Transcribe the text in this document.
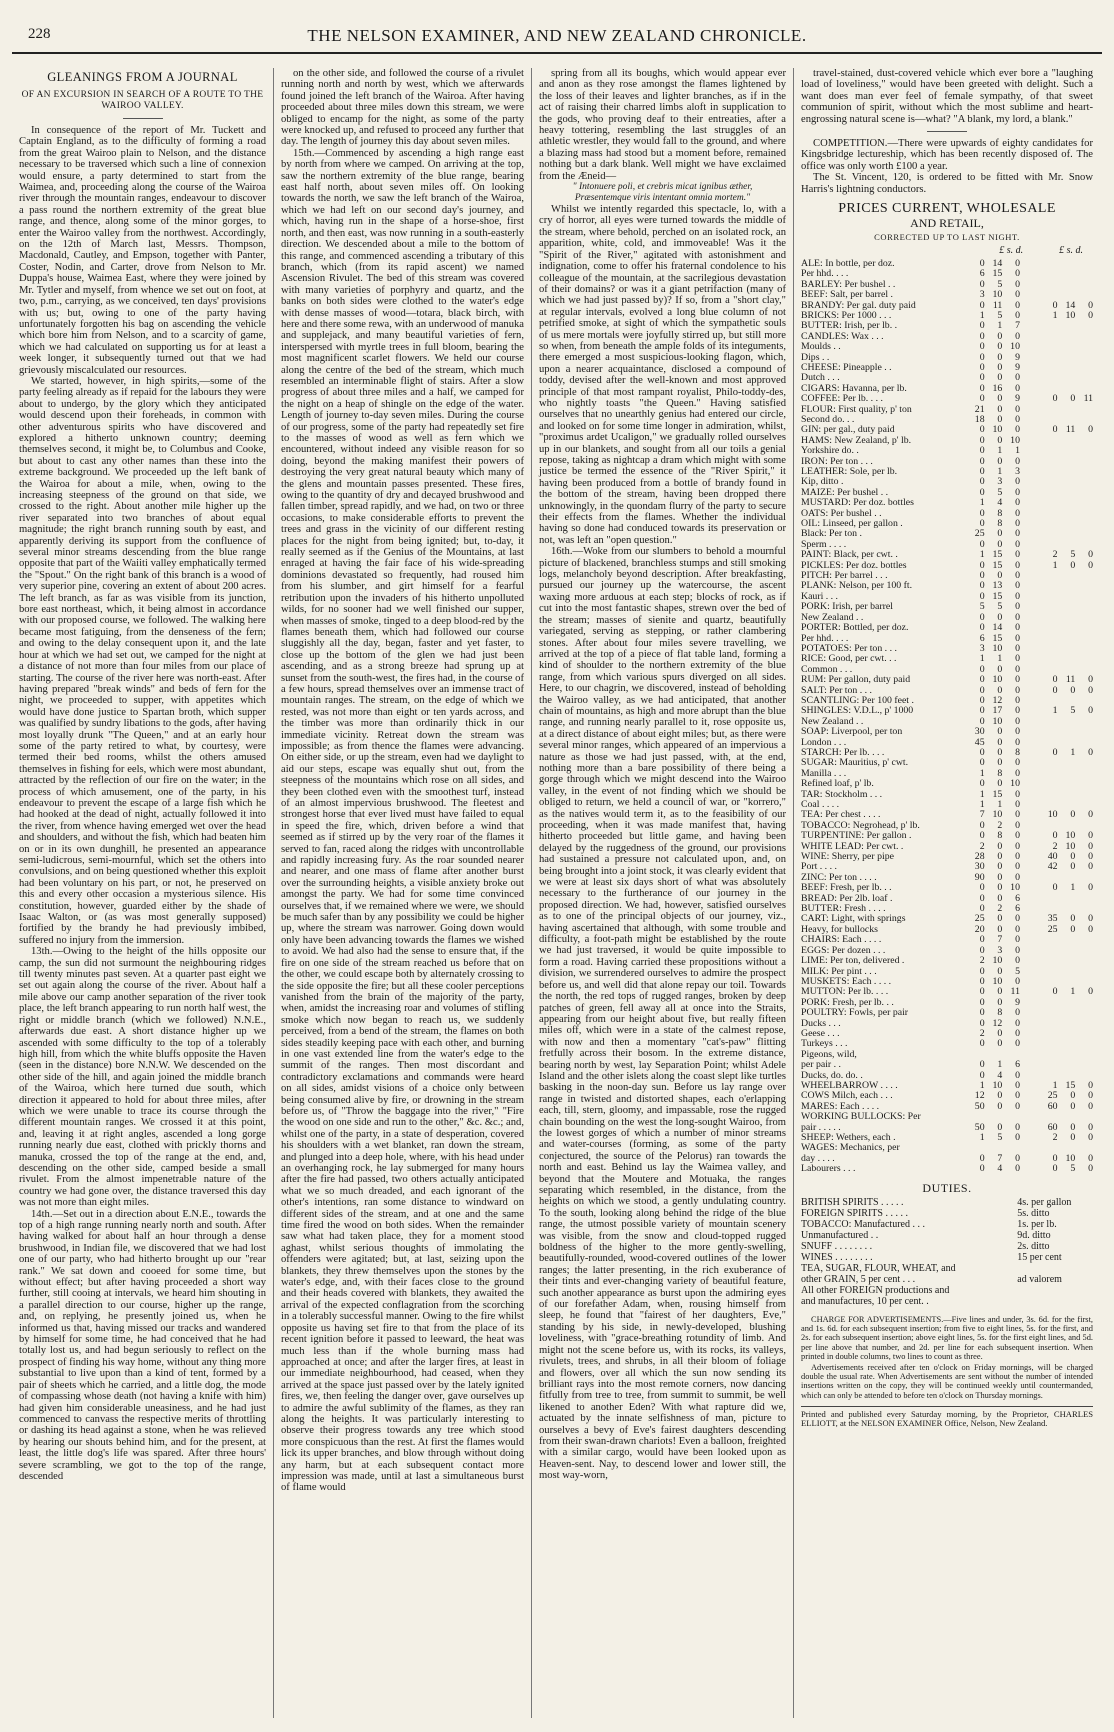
228	THE NELSON EXAMINER, AND NEW ZEALAND CHRONICLE.
GLEANINGS FROM A JOURNAL
OF AN EXCURSION IN SEARCH OF A ROUTE TO THE WAIROO VALLEY.

In consequence of the report of Mr. Tuckett and Captain England, as to the difficulty of forming a road from the great Wairoo plain to Nelson, and the distance necessary to be traversed which such a line of connexion would ensure, a party determined to start from the Waimea, and, proceeding along the course of the Wairoa river through the mountain ranges, endeavour to discover a pass round the northern extremity of the great blue range, and thence, along some of the minor gorges, to enter the Wairoo valley from the northwest. Accordingly, on the 12th of March last, Messrs. Thompson, Macdonald, Cautley, and Empson, together with Panter, Coster, Nodin, and Carter, drove from Nelson to Mr. Duppa's house, Waimea East, where they were joined by Mr. Tytler and myself, from whence we set out on foot, at two, p.m., carrying, as we conceived, ten days' provisions with us; but, owing to one of the party having unfortunately forgotten his bag on ascending the vehicle which bore him from Nelson, and to a scarcity of game, which we had calculated on supporting us for at least a week longer, it subsequently turned out that we had grievously miscalculated our resources.

We started, however, in high spirits,—some of the party feeling already as if repaid for the labours they were about to undergo, by the glory which they anticipated would descend upon their foreheads, in common with other adventurous spirits who have discovered and explored a hitherto unknown country; deeming themselves second, it might be, to Columbus and Cooke, but about to cast any other names than these into the extreme background. We proceeded up the left bank of the Wairoa for about a mile, when, owing to the increasing steepness of the ground on that side, we crossed to the right. About another mile higher up the river separated into two branches of about equal magnitude; the right branch running south by east, and apparently deriving its support from the confluence of several minor streams descending from the blue range opposite that part of the Waiiti valley emphatically termed the "Spout." On the right bank of this branch is a wood of very superior pine, covering an extent of about 200 acres. The left branch, as far as was visible from its junction, bore east northeast, which, it being almost in accordance with our proposed course, we followed. The walking here became most fatiguing, from the denseness of the fern; and owing to the delay consequent upon it, and the late hour at which we had set out, we camped for the night at a distance of not more than four miles from our place of starting. The course of the river here was north-east. After having prepared "break winds" and beds of fern for the night, we proceeded to supper, with appetites which would have done justice to Spartan broth, which supper was qualified by sundry libations to the gods, after having most loyally drunk "The Queen," and at an early hour some of the party retired to what, by courtesy, were termed their bed rooms, whilst the others amused themselves in fishing for eels, which were most abundant, attracted by the reflection of our fire on the water; in the process of which amusement, one of the party, in his endeavour to prevent the escape of a large fish which he had hooked at the dead of night, actually followed it into the river, from whence having emerged wet over the head and shoulders, and without the fish, which had beaten him on or in its own dunghill, he presented an appearance semi-ludicrous, semi-mournful, which set the others into convulsions, and on being questioned whether this exploit had been voluntary on his part, or not, he preserved on this and every other occasion a mysterious silence. His constitution, however, guarded either by the shade of Isaac Walton, or (as was most generally supposed) fortified by the brandy he had previously imbibed, suffered no injury from the immersion.

13th.—Owing to the height of the hills opposite our camp, the sun did not surmount the neighbouring ridges till twenty minutes past seven. At a quarter past eight we set out again along the course of the river. About half a mile above our camp another separation of the river took place, the left branch appearing to run north half west, the right or middle branch (which we followed) N.N.E., afterwards due east. A short distance higher up we ascended with some difficulty to the top of a tolerably high hill, from which the white bluffs opposite the Haven (seen in the distance) bore N.N.W. We descended on the other side of the hill, and again joined the middle branch of the Wairoa, which here turned due south, which direction it appeared to hold for about three miles, after which we were unable to trace its course through the different mountain ranges. We crossed it at this point, and, leaving it at right angles, ascended a long gorge running nearly due east, clothed with prickly thorns and manuka, crossed the top of the range at the end, and, descending on the other side, camped beside a small rivulet. From the almost impenetrable nature of the country we had gone over, the distance traversed this day was not more than eight miles.

14th.—Set out in a direction about E.N.E., towards the top of a high range running nearly north and south. After having walked for about half an hour through a dense brushwood, in Indian file, we discovered that we had lost one of our party, who had hitherto brought up our "rear rank." We sat down and cooeed for some time, but without effect; but after having proceeded a short way further, still cooing at intervals, we heard him shouting in a parallel direction to our course, higher up the range, and, on replying, he presently joined us, when he informed us that, having missed our tracks and wandered by himself for some time, he had conceived that he had totally lost us, and had begun seriously to reflect on the prospect of finding his way home, without any thing more substantial to live upon than a kind of tent, formed by a pair of sheets which he carried, and a little dog, the mode of compassing whose death (not having a knife with him) had given him considerable uneasiness, and he had just commenced to canvass the respective merits of throttling or dashing its head against a stone, when he was relieved by hearing our shouts behind him, and for the present, at least, the little dog's life was spared. After three hours' severe scrambling, we got to the top of the range, descended

on the other side, and followed the course of a rivulet running north and north by west, which we afterwards found joined the left branch of the Wairoa. After having proceeded about three miles down this stream, we were obliged to encamp for the night, as some of the party were knocked up, and refused to proceed any further that day. The length of journey this day about seven miles.

15th.—Commenced by ascending a high range east by north from where we camped. On arriving at the top, saw the northern extremity of the blue range, bearing east half north, about seven miles off. On looking towards the north, we saw the left branch of the Wairoa, which we had left on our second day's journey, and which, having run in the shape of a horse-shoe, first north, and then east, was now running in a south-easterly direction. We descended about a mile to the bottom of this range, and commenced ascending a tributary of this branch, which (from its rapid ascent) we named Ascension Rivulet. The bed of this stream was covered with many varieties of porphyry and quartz, and the banks on both sides were clothed to the water's edge with dense masses of wood—totara, black birch, with here and there some rewa, with an underwood of manuka and supplejack, and many beautiful varieties of fern, interspersed with myrtle trees in full bloom, bearing the most magnificent scarlet flowers. We held our course along the centre of the bed of the stream, which much resembled an interminable flight of stairs. After a slow progress of about three miles and a half, we camped for the night on a heap of shingle on the edge of the water. Length of journey to-day seven miles. During the course of our progress, some of the party had repeatedly set fire to the masses of wood as well as fern which we encountered, without indeed any visible reason for so doing, beyond the making manifest their powers of destroying the very great natural beauty which many of the glens and mountain passes presented. These fires, owing to the quantity of dry and decayed brushwood and fallen timber, spread rapidly, and we had, on two or three occasions, to make considerable efforts to prevent the trees and grass in the vicinity of our different resting places for the night from being ignited; but, to-day, it really seemed as if the Genius of the Mountains, at last enraged at having the fair face of his wide-spreading dominions devastated so frequently, had roused him from his slumber, and girt himself for a fearful retribution upon the invaders of his hitherto unpolluted wilds, for no sooner had we well finished our supper, when masses of smoke, tinged to a deep blood-red by the flames beneath them, which had followed our course sluggishly all the day, began, faster and yet faster, to close up the bottom of the glen we had just been ascending, and as a strong breeze had sprung up at sunset from the south-west, the fires had, in the course of a few hours, spread themselves over an immense tract of mountain ranges. The stream, on the edge of which we rested, was not more than eight or ten yards across, and the timber was more than ordinarily thick in our immediate vicinity. Retreat down the stream was impossible; as from thence the flames were advancing. On either side, or up the stream, even had we daylight to aid our steps, escape was equally shut out, from the steepness of the mountains which rose on all sides, and they been clothed even with the smoothest turf, instead of an almost impervious brushwood. The fleetest and strongest horse that ever lived must have failed to equal in speed the fire, which, driven before a wind that seemed as if stirred up by the very roar of the flames it served to fan, raced along the ridges with uncontrollable and rapidly increasing fury. As the roar sounded nearer and nearer, and one mass of flame after another burst over the surrounding heights, a visible anxiety broke out amongst the party. We had for some time convinced ourselves that, if we remained where we were, we should be much safer than by any possibility we could be higher up, where the stream was narrower. Going down would only have been advancing towards the flames we wished to avoid. We had also had the sense to ensure that, if the fire on one side of the stream reached us before that on the other, we could escape both by alternately crossing to the side opposite the fire; but all these cooler perceptions vanished from the brain of the majority of the party, when, amidst the increasing roar and volumes of stifling smoke which now began to reach us, we suddenly perceived, from a bend of the stream, the flames on both sides steadily keeping pace with each other, and burning in one vast extended line from the water's edge to the summit of the ranges. Then most discordant and contradictory exclamations and commands were heard on all sides, amidst visions of a choice only between being consumed alive by fire, or drowning in the stream before us, of "Throw the baggage into the river," "Fire the wood on one side and run to the other," &c. &c.; and, whilst one of the party, in a state of desperation, covered his shoulders with a wet blanket, ran down the stream, and plunged into a deep hole, where, with his head under an overhanging rock, he lay submerged for many hours after the fire had passed, two others actually anticipated what we so much dreaded, and each ignorant of the other's intentions, ran some distance to windward on different sides of the stream, and at one and the same time fired the wood on both sides. When the remainder saw what had taken place, they for a moment stood aghast, whilst serious thoughts of immolating the offenders were agitated; but, at last, seizing upon the blankets, they threw themselves upon the stones by the water's edge, and, with their faces close to the ground and their heads covered with blankets, they awaited the arrival of the expected conflagration from the scorching in a tolerably successful manner. Owing to the fire whilst opposite us having set fire to that from the place of its recent ignition before it passed to leeward, the heat was much less than if the whole burning mass had approached at once; and after the larger fires, at least in our immediate neighbourhood, had ceased, when they arrived at the space just passed over by the lately ignited fires, we, then feeling the danger over, gave ourselves up to admire the awful sublimity of the flames, as they ran along the heights. It was particularly interesting to observe their progress towards any tree which stood more conspicuous than the rest. At first the flames would lick its upper branches, and blow through without doing any harm, but at each subsequent contact more impression was made, until at last a simultaneous burst of flame would

spring from all its boughs, which would appear ever and anon as they rose amongst the flames lightened by the loss of their leaves and lighter branches, as if in the act of raising their charred limbs aloft in supplication to the gods, who proving deaf to their entreaties, after a heavy tottering, resembling the last struggles of an athletic wrestler, they would fall to the ground, and where a blazing mass had stood but a moment before, remained nothing but a dark blank. Well might we have exclaimed from the Æneid—

" Intonuere poli, et crebris micat ignibus æther,

Præsentemque viris intentant omnia mortem."

Whilst we intently regarded this spectacle, lo, with a cry of horror, all eyes were turned towards the middle of the stream, where behold, perched on an isolated rock, an apparition, white, cold, and immoveable! Was it the "Spirit of the River," agitated with astonishment and indignation, come to offer his fraternal condolence to his colleague of the mountain, at the sacrilegious devastation of their domains? or was it a giant petrifaction (many of which we had just passed by)? If so, from a "short clay," at regular intervals, evolved a long blue column of not petrified smoke, at sight of which the sympathetic souls of us mere mortals were joyfully stirred up, but still more so when, from beneath the ample folds of its integuments, there emerged a most suspicious-looking flagon, which, upon a nearer acquaintance, disclosed a compound of toddy, devised after the well-known and most approved principle of that most rampant royalist, Philo-toddy-des, who nightly toasts "the Queen." Having satisfied ourselves that no unearthly genius had entered our circle, and looked on for some time longer in admiration, whilst, "proximus ardet Ucaligon," we gradually rolled ourselves up in our blankets, and sought from all our toils a genial repose, taking as nightcap a dram which might with some justice be termed the essence of the "River Spirit," it having been produced from a bottle of brandy found in the bottom of the stream, having been dropped there unknowingly, in the quondam flurry of the party to secure their effects from the flames. Whether the individual having so done had conduced towards its preservation or not, was left an "open question."

16th.—Woke from our slumbers to behold a mournful picture of blackened, branchless stumps and still smoking logs, melancholy beyond description. After breakfasting, pursued our journey up the watercourse, the ascent waxing more arduous at each step; blocks of rock, as if cut into the most fantastic shapes, strewn over the bed of the stream; masses of sienite and quartz, beautifully variegated, serving as stepping, or rather clambering stones. After about four miles severe travelling, we arrived at the top of a piece of flat table land, forming a kind of shoulder to the northern extremity of the blue range, from which various spurs diverged on all sides. Here, to our chagrin, we discovered, instead of beholding the Wairoo valley, as we had anticipated, that another chain of mountains, as high and more abrupt than the blue range, and running nearly parallel to it, rose opposite us, at a direct distance of about eight miles; but, as there were several minor ranges, which appeared of an impervious a nature as those we had just passed, with, at the end, nothing more than a bare possibility of there being a gorge through which we might descend into the Wairoo valley, in the event of not finding which we should be obliged to return, we held a council of war, or "korrero," as the natives would term it, as to the feasibility of our proceeding, when it was made manifest that, having hitherto proceeded but little game, and having been delayed by the ruggedness of the ground, our provisions had sustained a pressure not calculated upon, and, on being brought into a joint stock, it was clearly evident that we were at least six days short of what was absolutely necessary to the furtherance of our journey in the proposed direction. We had, however, satisfied ourselves as to one of the principal objects of our journey, viz., having ascertained that although, with some trouble and difficulty, a foot-path might be established by the route we had just traversed, it would be quite impossible to form a road. Having carried these propositions without a division, we surrendered ourselves to admire the prospect before us, and well did that alone repay our toil. Towards the north, the red tops of rugged ranges, broken by deep patches of green, fell away all at once into the Straits, appearing from our height about five, but really fifteen miles off, which were in a state of the calmest repose, with now and then a momentary "cat's-paw" flitting fretfully across their bosom. In the extreme distance, bearing north by west, lay Separation Point; whilst Adele Island and the other islets along the coast slept like turtles basking in the noon-day sun. Before us lay range over range in twisted and distorted shapes, each o'erlapping each, till, stern, gloomy, and impassable, rose the rugged chain bounding on the west the long-sought Wairoo, from the lowest gorges of which a number of minor streams and water-courses (forming, as some of the party conjectured, the source of the Pelorus) ran towards the north and east. Behind us lay the Waimea valley, and beyond that the Moutere and Motuaka, the ranges separating which resembled, in the distance, from the heights on which we stood, a gently undulating country. To the south, looking along behind the ridge of the blue range, the utmost possible variety of mountain scenery was visible, from the snow and cloud-topped rugged boldness of the higher to the more gently-swelling, beautifully-rounded, wood-covered outlines of the lower ranges; the latter presenting, in the rich exuberance of their tints and ever-changing variety of beautiful feature, such another appearance as burst upon the admiring eyes of our forefather Adam, when, rousing himself from sleep, he found that "fairest of her daughters, Eve," standing by his side, in newly-developed, blushing loveliness, with "grace-breathing rotundity of limb. And might not the scene before us, with its rocks, its valleys, rivulets, trees, and shrubs, in all their bloom of foliage and flowers, over all which the sun now sending its brilliant rays into the most remote corners, now dancing fitfully from tree to tree, from summit to summit, be well likened to another Eden? With what rapture did we, actuated by the innate selfishness of man, picture to ourselves a bevy of Eve's fairest daughters descending from their swan-drawn chariots! Even a balloon, freighted with a similar cargo, would have been looked upon as Heaven-sent. Nay, to descend lower and lower still, the most way-worn,

travel-stained, dust-covered vehicle which ever bore a "laughing load of loveliness," would have been greeted with delight. Such a want does man ever feel of female sympathy, of that sweet communion of spirit, without which the most sublime and heart-engrossing natural scene is—what? "A blank, my lord, a blank."

COMPETITION.—There were upwards of eighty candidates for Kingsbridge lectureship, which has been recently disposed of. The office was only worth £100 a year.

The St. Vincent, 120, is ordered to be fitted with Mr. Snow Harris's lightning conductors.

PRICES CURRENT, WHOLESALE
AND RETAIL,
CORRECTED UP TO LAST NIGHT.
£ s. d.	£ s. d.
ALE: In bottle, per doz.	0	14	0				
Per hhd. . . .	6	15	0				
BARLEY: Per bushel . .	0	5	0				
BEEF: Salt, per barrel .	3	10	0				
BRANDY: Per gal. duty paid	0	11	0		0	14	0
BRICKS: Per 1000 . . .	1	5	0		1	10	0
BUTTER: Irish, per lb. .	0	1	7				
CANDLES: Wax . . .	0	0	0				
Moulds . .	0	0	10				
Dips . .	0	0	9				
CHEESE: Pineapple . .	0	0	9				
Dutch . . .	0	0	0				
CIGARS: Havanna, per lb.	0	16	0				
COFFEE: Per lb. . . .	0	0	9		0	0	11
FLOUR: First quality, p' ton	21	0	0				
Second do. . .	18	0	0				
GIN: per gal., duty paid	0	10	0		0	11	0
HAMS: New Zealand, p' lb.	0	0	10				
Yorkshire do. .	0	1	1				
IRON: Per ton . . .	0	0	0				
LEATHER: Sole, per lb.	0	1	3				
Kip, ditto .	0	3	0				
MAIZE: Per bushel . .	0	5	0				
MUSTARD: Per doz. bottles	1	4	0				
OATS: Per bushel . .	0	8	0				
OIL: Linseed, per gallon .	0	8	0				
Black: Per ton .	25	0	0				
Sperm . . . .	0	0	0				
PAINT: Black, per cwt. .	1	15	0		2	5	0
PICKLES: Per doz. bottles	0	15	0		1	0	0
PITCH: Per barrel . . .	0	0	0				
PLANK: Nelson, per 100 ft.	0	13	0				
Kauri . . .	0	15	0				
PORK: Irish, per barrel	5	5	0				
New Zealand . .	0	0	0				
PORTER: Bottled, per doz.	0	14	0				
Per hhd. . . .	6	15	0				
POTATOES: Per ton . . .	3	10	0				
RICE: Good, per cwt. . .	1	1	0				
Common . . .	0	0	0				
RUM: Per gallon, duty paid	0	10	0		0	11	0
SALT: Per ton . . .	0	0	0		0	0	0
SCANTLING: Per 100 feet .	0	12	0				
SHINGLES: V.D.L., p' 1000	0	17	0		1	5	0
New Zealand . .	0	10	0				
SOAP: Liverpool, per ton	30	0	0				
London . . .	45	0	0				
STARCH: Per lb. . . .	0	0	8		0	1	0
SUGAR: Mauritius, p' cwt.	0	0	0				
Manilla . . .	1	8	0				
Refined loaf, p' lb.	0	0	10				
TAR: Stockholm . . .	1	15	0				
Coal . . . .	1	1	0				
TEA: Per chest . . . .	7	10	0		10	0	0
TOBACCO: Negrohead, p' lb.	0	2	0				
TURPENTINE: Per gallon .	0	8	0		0	10	0
WHITE LEAD: Per cwt. .	2	0	0		2	10	0
WINE: Sherry, per pipe	28	0	0		40	0	0
Port . . . .	30	0	0		42	0	0
ZINC: Per ton . . . .	90	0	0				
BEEF: Fresh, per lb. . .	0	0	10		0	1	0
BREAD: Per 2lb. loaf .	0	0	6				
BUTTER: Fresh . . . .	0	2	6				
CART: Light, with springs	25	0	0		35	0	0
Heavy, for bullocks	20	0	0		25	0	0
CHAIRS: Each . . . .	0	7	0				
EGGS: Per dozen . . .	0	3	0				
LIME: Per ton, delivered .	2	10	0				
MILK: Per pint . . .	0	0	5				
MUSKETS: Each . . . .	0	10	0				
MUTTON: Per lb. . . .	0	0	11		0	1	0
PORK: Fresh, per lb. . .	0	0	9				
POULTRY: Fowls, per pair	0	8	0				
Ducks . . .	0	12	0				
Geese . . .	2	0	0				
Turkeys . . .	0	0	0				
Pigeons, wild,							
per pair . .	0	1	6				
Ducks, do. do. .	0	4	0				
WHEELBARROW . . . .	1	10	0		1	15	0
COWS Milch, each . . .	12	0	0		25	0	0
MARES: Each . . . .	50	0	0		60	0	0
WORKING BULLOCKS: Per							
pair . . . . .	50	0	0		60	0	0
SHEEP: Wethers, each .	1	5	0		2	0	0
WAGES: Mechanics, per							
day . . . .	0	7	0		0	10	0
Labourers . . .	0	4	0		0	5	0
DUTIES.
BRITISH SPIRITS . . . . .	4s. per gallon
FOREIGN SPIRITS . . . . .	5s. ditto
TOBACCO: Manufactured . . .	1s. per lb.
Unmanufactured . .	9d. ditto
SNUFF . . . . . . . .	2s. ditto
WINES . . . . . . . .	15 per cent
TEA, SUGAR, FLOUR, WHEAT, and	
other GRAIN, 5 per cent . . .	ad valorem
All other FOREIGN productions and	
and manufactures, 10 per cent. .	

CHARGE FOR ADVERTISEMENTS.—Five lines and under, 3s. 6d. for the first, and 1s. 6d. for each subsequent insertion; from five to eight lines, 5s. for the first, and 2s. for each subsequent insertion; above eight lines, 5s. for the first eight lines, and 5d. per line above that number, and 2d. per line for each subsequent insertion. When printed in double columns, two lines to count as three.

Advertisements received after ten o'clock on Friday mornings, will be charged double the usual rate. When Advertisements are sent without the number of intended insertions written on the copy, they will be continued weekly until countermanded, which can only be attended to before ten o'clock on Thursday mornings.

Printed and published every Saturday morning, by the Proprietor, CHARLES ELLIOTT, at the NELSON EXAMINER Office, Nelson, New Zealand.
